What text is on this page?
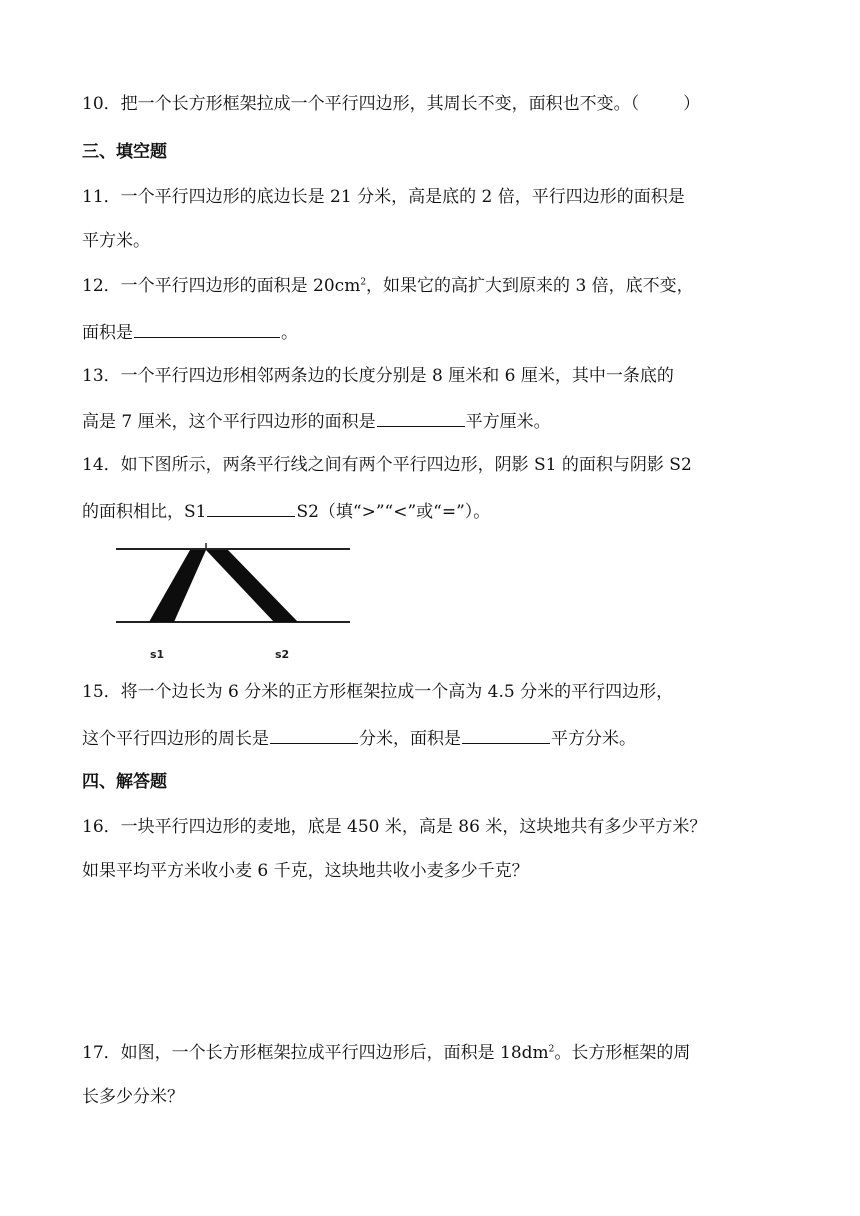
10．把一个长方形框架拉成一个平行四边形，其周长不变，面积也不变。（	）
三、填空题
11．一个平行四边形的底边长是 21 分米，高是底的 2 倍，平行四边形的面积是
平方米。
12．一个平行四边形的面积是 $20cm^2$，如果它的高扩大到原来的 3 倍，底不变，
面积是	。
13．一个平行四边形相邻两条边的长度分别是 8 厘米和 6 厘米，其中一条底的
高是 7 厘米，这个平行四边形的面积是	平方厘米。
14．如下图所示，两条平行线之间有两个平行四边形，阴影 S1 的面积与阴影 S2
的面积相比，S1	S2（填“>”“<”或“=”）。
s1	s2
15．将一个边长为 6 分米的正方形框架拉成一个高为 4.5 分米的平行四边形，
这个平行四边形的周长是	分米，面积是	平方分米。
四、解答题
16．一块平行四边形的麦地，底是 450 米，高是 86 米，这块地共有多少平方米？
如果平均平方米收小麦 6 千克，这块地共收小麦多少千克？
17．如图，一个长方形框架拉成平行四边形后，面积是 $18dm^2$。长方形框架的周
长多少分米？
